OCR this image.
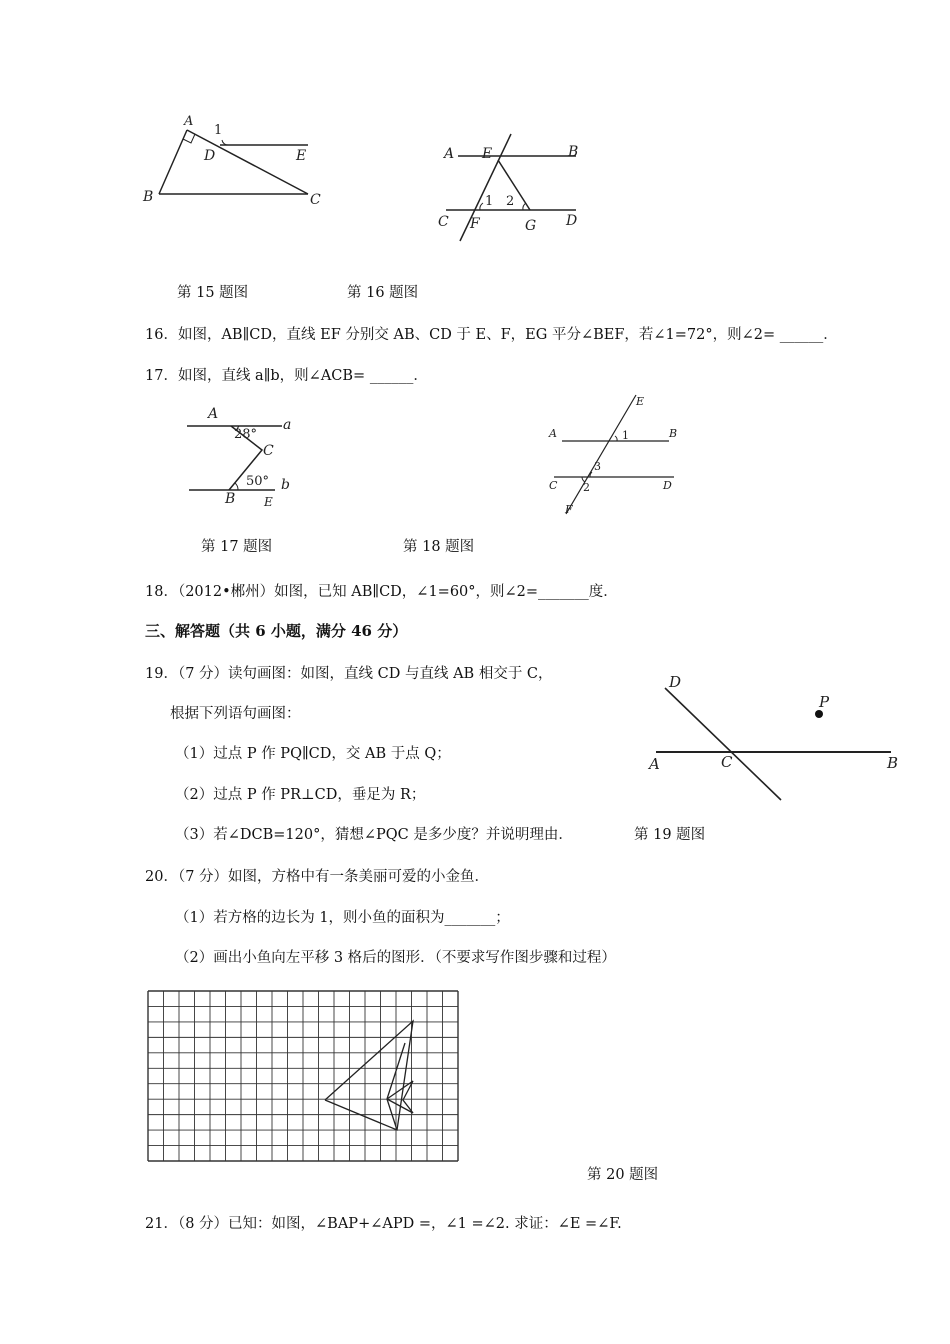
A
1
D	E
B	C
A E	B
1 2
C F	G D
第 15 题图	第 16 题图
16．如图，AB∥CD，直线 EF 分别交 AB、CD 于 E、F，EG 平分∠BEF，若∠1=72°，则∠2= ______．
17．如图，直线 a∥b，则∠ACB= ______．
A
28°
a
C
50°
B
b
E
E
A	1	B
3
C 2	D
F
第 17 题图	第 18 题图
18．（2012•郴州）如图，已知 AB∥CD，∠1=60°，则∠2=_______度．
三、解答题（共 6 小题，满分 46 分）
19．（7 分）读句画图：如图，直线 CD 与直线 AB 相交于 C，
根据下列语句画图：
（1）过点 P 作 PQ∥CD，交 AB 于点 Q；
（2）过点 P 作 PR⊥CD，垂足为 R；
（3）若∠DCB=120°，猜想∠PQC 是多少度？并说明理由．
D
P
A	C	B
第 19 题图
20．（7 分）如图，方格中有一条美丽可爱的小金鱼．
（1）若方格的边长为 1，则小鱼的面积为_______；
（2）画出小鱼向左平移 3 格后的图形．（不要求写作图步骤和过程）
第 20 题图
21．（8 分）已知：如图，∠BAP+∠APD =，∠1 =∠2. 求证：∠E =∠F.
